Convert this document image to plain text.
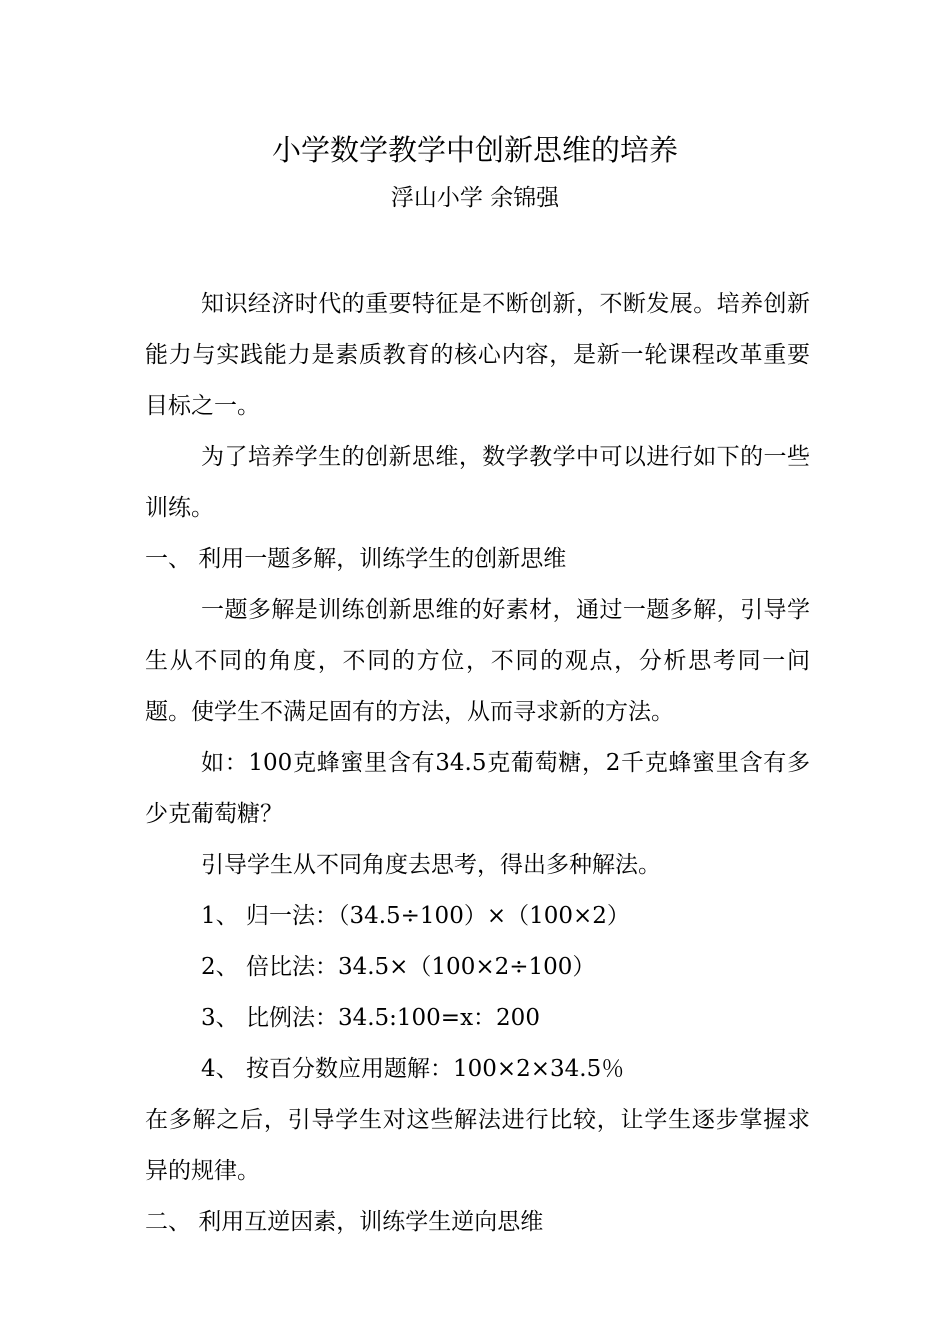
小学数学教学中创新思维的培养
浮山小学 余锦强

知识经济时代的重要特征是不断创新，不断发展。培养创新能力与实践能力是素质教育的核心内容，是新一轮课程改革重要目标之一。

为了培养学生的创新思维，数学教学中可以进行如下的一些训练。

一、 利用一题多解，训练学生的创新思维

一题多解是训练创新思维的好素材，通过一题多解，引导学生从不同的角度，不同的方位，不同的观点，分析思考同一问题。使学生不满足固有的方法，从而寻求新的方法。

如：100克蜂蜜里含有34.5克葡萄糖，2千克蜂蜜里含有多少克葡萄糖？

引导学生从不同角度去思考，得出多种解法。

1、 归一法：（34.5÷100）×（100×2）

2、 倍比法：34.5×（100×2÷100）

3、 比例法：34.5:100=x：200

4、 按百分数应用题解：100×2×34.5％

在多解之后，引导学生对这些解法进行比较，让学生逐步掌握求异的规律。

二、 利用互逆因素，训练学生逆向思维
